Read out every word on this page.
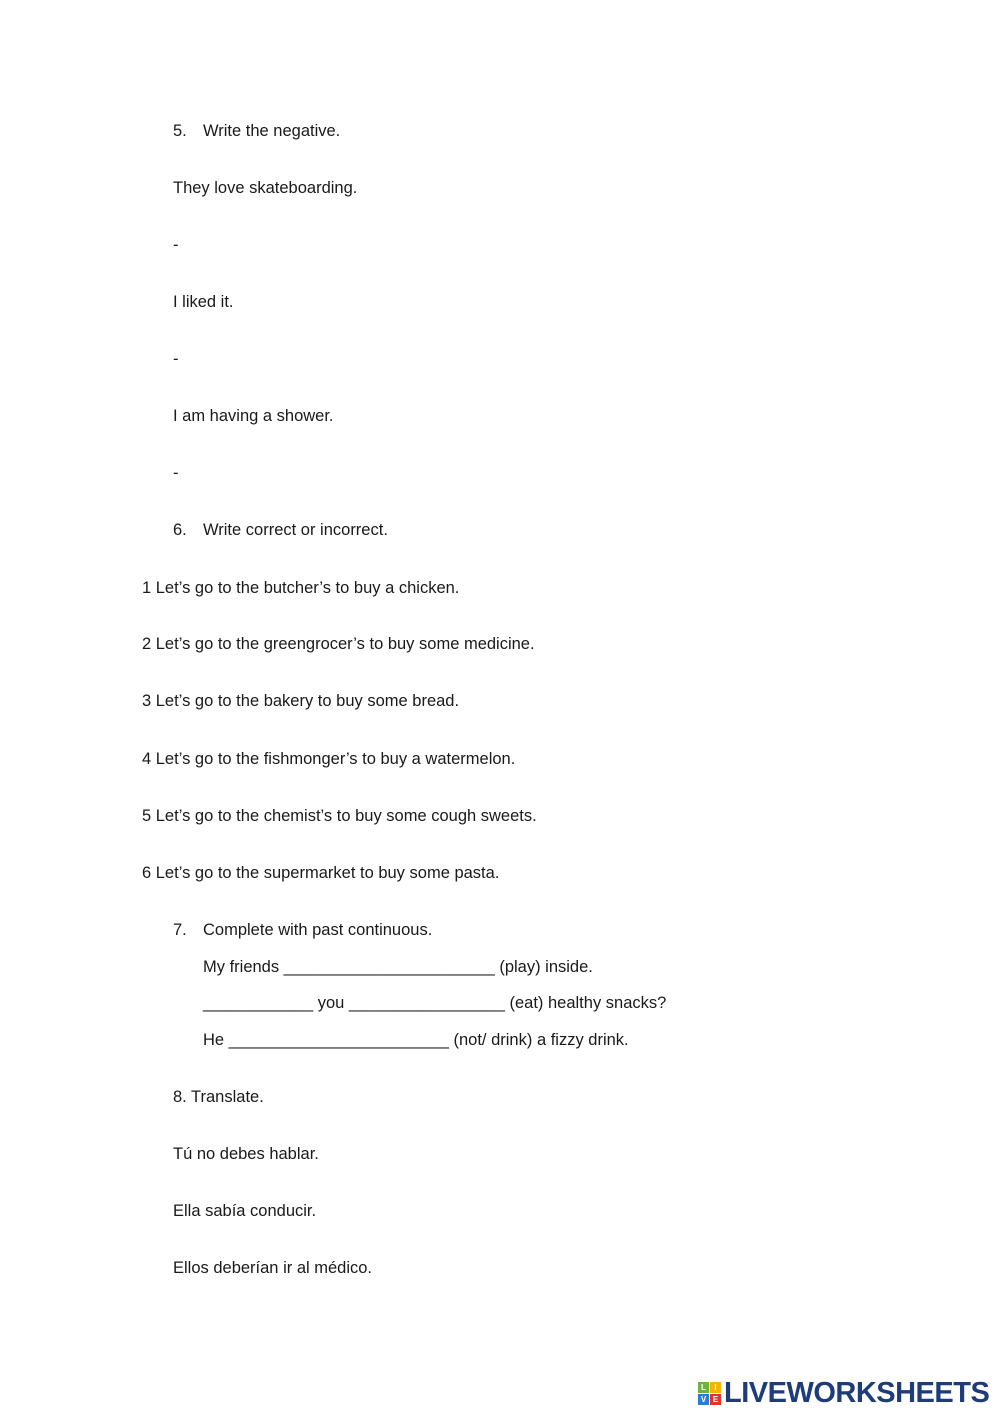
5. Write the negative.
They love skateboarding.
-
I liked it.
-
I am having a shower.
-
6. Write correct or incorrect.
1 Let’s go to the butcher’s to buy a chicken.
2 Let’s go to the greengrocer’s to buy some medicine.
3 Let’s go to the bakery to buy some bread.
4 Let’s go to the fishmonger’s to buy a watermelon.
5 Let’s go to the chemist’s to buy some cough sweets.
6 Let’s go to the supermarket to buy some pasta.
7. Complete with past continuous.
My friends _______________________ (play) inside.
____________ you _________________ (eat) healthy snacks?
He ________________________ (not/ drink) a fizzy drink.
8. Translate.
Tú no debes hablar.
Ella sabía conducir.
Ellos deberían ir al médico.
L	I
V E LIVEWORKSHEETS
